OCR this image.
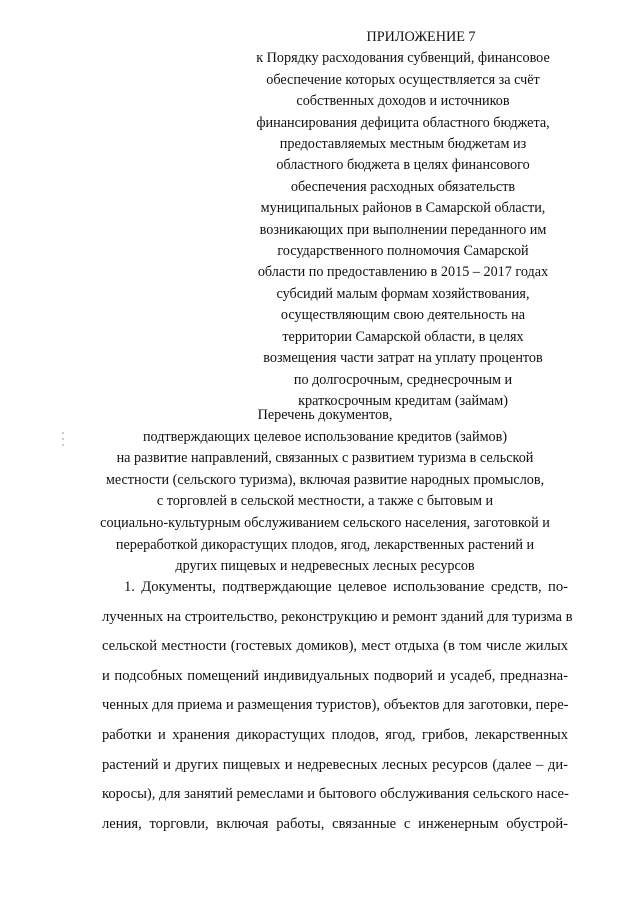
ПРИЛОЖЕНИЕ 7
к Порядку расходования субвенций, финансовое
обеспечение которых осуществляется за счёт
собственных доходов и источников
финансирования дефицита областного бюджета,
предоставляемых местным бюджетам из
областного бюджета в целях финансового
обеспечения расходных обязательств
муниципальных районов в Самарской области,
возникающих при выполнении переданного им
государственного полномочия Самарской
области по предоставлению в 2015 – 2017 годах
субсидий малым формам хозяйствования,
осуществляющим свою деятельность на
территории Самарской области, в целях
возмещения части затрат на уплату процентов
по долгосрочным, среднесрочным и
краткосрочным кредитам (займам)
Перечень документов,
подтверждающих целевое использование кредитов (займов)
на развитие направлений, связанных с развитием туризма в сельской
местности (сельского туризма), включая развитие народных промыслов,
с торговлей в сельской местности, а также с бытовым и
социально-культурным обслуживанием сельского населения, заготовкой и
переработкой дикорастущих плодов, ягод, лекарственных растений и
других пищевых и недревесных лесных ресурсов
1. Документы, подтверждающие целевое использование средств, по-
лученных на строительство, реконструкцию и ремонт зданий для туризма в
сельской местности (гостевых домиков), мест отдыха (в том числе жилых
и подсобных помещений индивидуальных подворий и усадеб, предназна-
ченных для приема и размещения туристов), объектов для заготовки, пере-
работки и хранения дикорастущих плодов, ягод, грибов, лекарственных
растений и других пищевых и недревесных лесных ресурсов (далее – ди-
коросы), для занятий ремеслами и бытового обслуживания сельского насе-
ления, торговли, включая работы, связанные с инженерным обустрой-
